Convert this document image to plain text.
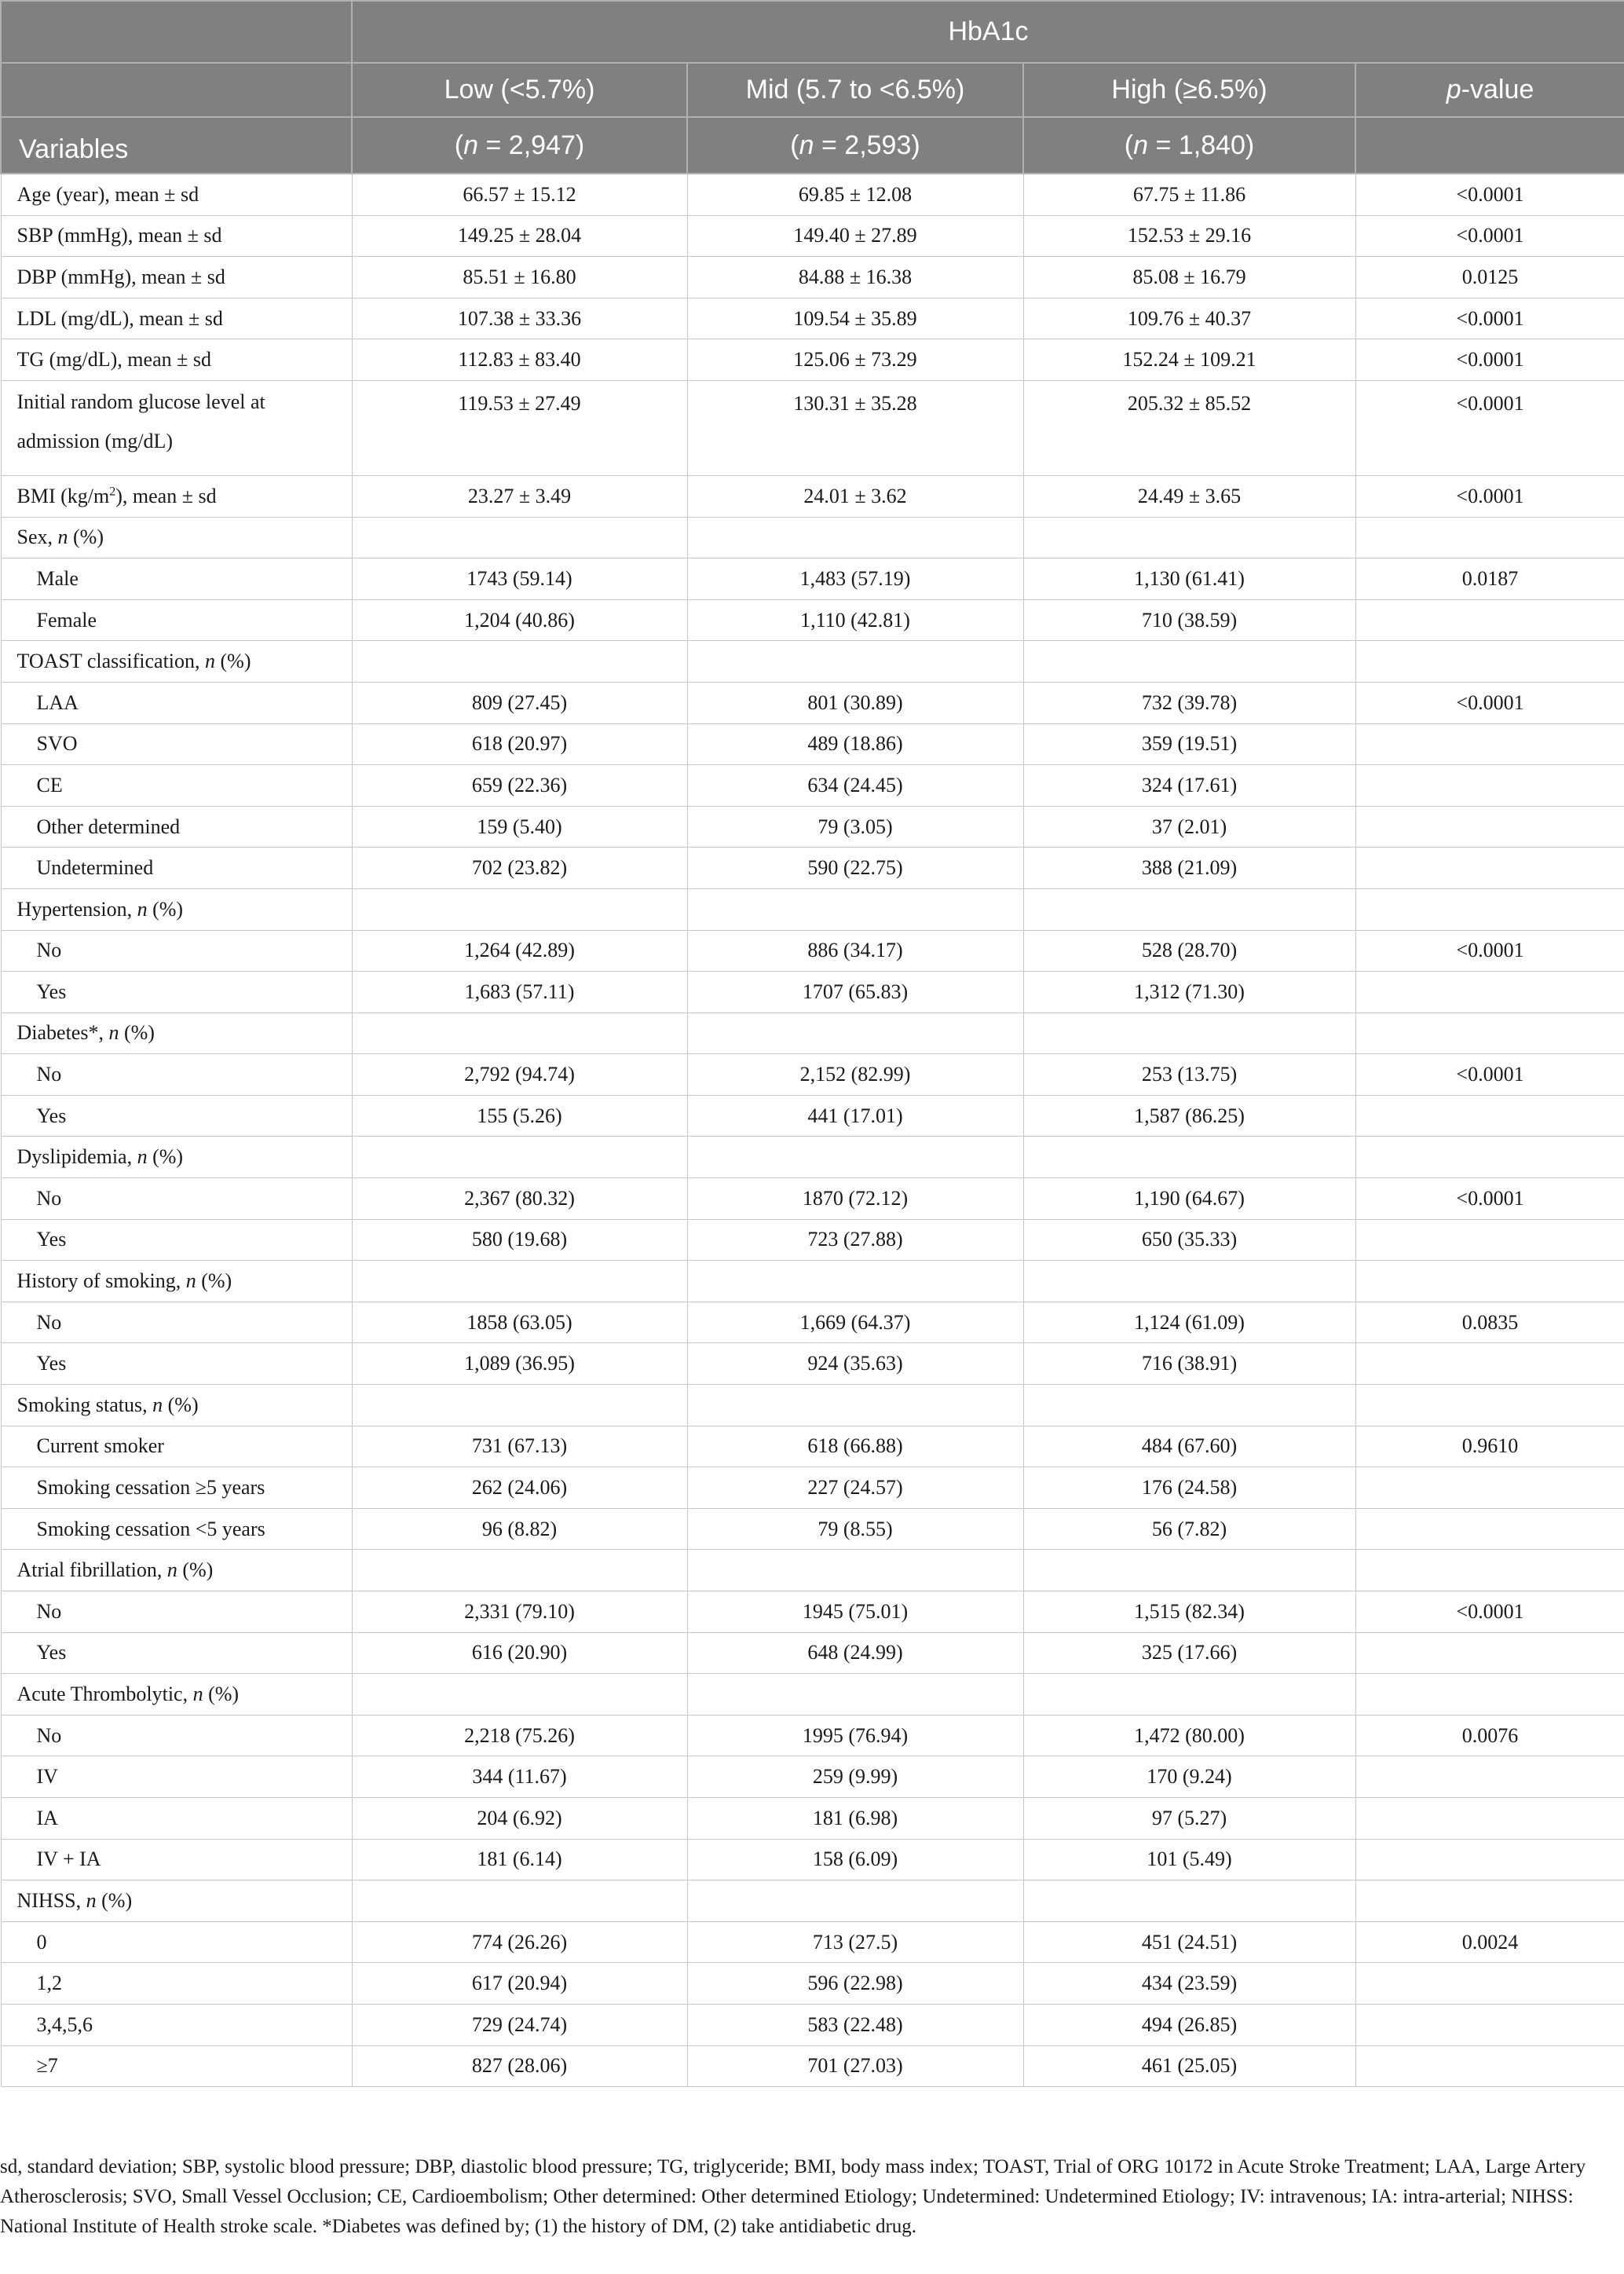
	HbA1c			
	Low (<5.7%)	Mid (5.7 to <6.5%)	High (≥6.5%)	p-value
Variables	(n = 2,947)	(n = 2,593)	(n = 1,840)	
Age (year), mean ± sd	66.57 ± 15.12	69.85 ± 12.08	67.75 ± 11.86	<0.0001
SBP (mmHg), mean ± sd	149.25 ± 28.04	149.40 ± 27.89	152.53 ± 29.16	<0.0001
DBP (mmHg), mean ± sd	85.51 ± 16.80	84.88 ± 16.38	85.08 ± 16.79	0.0125
LDL (mg/dL), mean ± sd	107.38 ± 33.36	109.54 ± 35.89	109.76 ± 40.37	<0.0001
TG (mg/dL), mean ± sd	112.83 ± 83.40	125.06 ± 73.29	152.24 ± 109.21	<0.0001
Initial random glucose level at admission (mg/dL)	119.53 ± 27.49	130.31 ± 35.28	205.32 ± 85.52	<0.0001
BMI $(kg/m^2)$, mean ± sd	23.27 ± 3.49	24.01 ± 3.62	24.49 ± 3.65	<0.0001
Sex, n (%)				
Male	1743 (59.14)	1,483 (57.19)	1,130 (61.41)	0.0187
Female	1,204 (40.86)	1,110 (42.81)	710 (38.59)	
TOAST classification, n (%)				
LAA	809 (27.45)	801 (30.89)	732 (39.78)	<0.0001
SVO	618 (20.97)	489 (18.86)	359 (19.51)	
CE	659 (22.36)	634 (24.45)	324 (17.61)	
Other determined	159 (5.40)	79 (3.05)	37 (2.01)	
Undetermined	702 (23.82)	590 (22.75)	388 (21.09)	
Hypertension, n (%)				
No	1,264 (42.89)	886 (34.17)	528 (28.70)	<0.0001
Yes	1,683 (57.11)	1707 (65.83)	1,312 (71.30)	
Diabetes*, n (%)				
No	2,792 (94.74)	2,152 (82.99)	253 (13.75)	<0.0001
Yes	155 (5.26)	441 (17.01)	1,587 (86.25)	
Dyslipidemia, n (%)				
No	2,367 (80.32)	1870 (72.12)	1,190 (64.67)	<0.0001
Yes	580 (19.68)	723 (27.88)	650 (35.33)	
History of smoking, n (%)				
No	1858 (63.05)	1,669 (64.37)	1,124 (61.09)	0.0835
Yes	1,089 (36.95)	924 (35.63)	716 (38.91)	
Smoking status, n (%)				
Current smoker	731 (67.13)	618 (66.88)	484 (67.60)	0.9610
Smoking cessation ≥5 years	262 (24.06)	227 (24.57)	176 (24.58)	
Smoking cessation <5 years	96 (8.82)	79 (8.55)	56 (7.82)	
Atrial fibrillation, n (%)				
No	2,331 (79.10)	1945 (75.01)	1,515 (82.34)	<0.0001
Yes	616 (20.90)	648 (24.99)	325 (17.66)	
Acute Thrombolytic, n (%)				
No	2,218 (75.26)	1995 (76.94)	1,472 (80.00)	0.0076
IV	344 (11.67)	259 (9.99)	170 (9.24)	
IA	204 (6.92)	181 (6.98)	97 (5.27)	
IV + IA	181 (6.14)	158 (6.09)	101 (5.49)	
NIHSS, n (%)				
0	774 (26.26)	713 (27.5)	451 (24.51)	0.0024
1,2	617 (20.94)	596 (22.98)	434 (23.59)	
3,4,5,6	729 (24.74)	583 (22.48)	494 (26.85)	
≥7	827 (28.06)	701 (27.03)	461 (25.05)	
sd, standard deviation; SBP, systolic blood pressure; DBP, diastolic blood pressure; TG, triglyceride; BMI, body mass index; TOAST, Trial of ORG 10172 in Acute Stroke Treatment; LAA, Large Artery Atherosclerosis; SVO, Small Vessel Occlusion; CE, Cardioembolism; Other determined: Other determined Etiology; Undetermined: Undetermined Etiology; IV: intravenous; IA: intra-arterial; NIHSS: National Institute of Health stroke scale. *Diabetes was defined by; (1) the history of DM, (2) take antidiabetic drug.
